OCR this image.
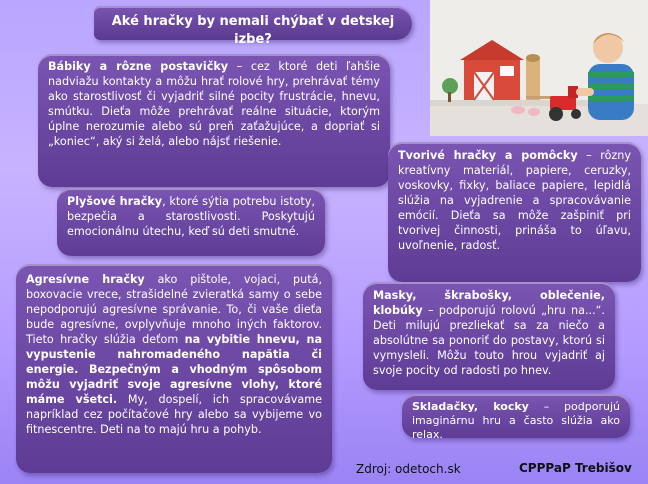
Aké hračky by nemali chýbať v detskej izbe?
Bábiky a rôzne postavičky – cez ktoré deti ľahšie nadviažu kontakty a môžu hrať rolové hry, prehrávať témy ako starostlivosť či vyjadriť silné pocity frustrácie, hnevu, smútku. Dieťa môže prehrávať reálne situácie, ktorým úplne nerozumie alebo sú preň zaťažujúce, a dopriať si „koniec“, aký si želá, alebo nájsť riešenie.
Plyšové hračky, ktoré sýtia potrebu istoty, bezpečia a starostlivosti. Poskytujú emocionálnu útechu, keď sú deti smutné.
Tvorivé hračky a pomôcky – rôzny kreatívny materiál, papiere, ceruzky, voskovky, fixky, baliace papiere, lepidlá slúžia na vyjadrenie a spracovávanie emócií. Dieťa sa môže zašpiniť pri tvorivej činnosti, prináša to úľavu, uvoľnenie, radosť.
Agresívne hračky ako pištole, vojaci, putá, boxovacie vrece, strašidelné zvieratká samy o sebe nepodporujú agresívne správanie. To, či vaše dieťa bude agresívne, ovplyvňuje mnoho iných faktorov. Tieto hračky slúžia deťom na vybitie hnevu, na vypustenie nahromadeného napätia či energie. Bezpečným a vhodným spôsobom môžu vyjadriť svoje agresívne vlohy, ktoré máme všetci. My, dospelí, ich spracovávame napríklad cez počítačové hry alebo sa vybijeme vo fitnescentre. Deti na to majú hru a pohyb.
Masky, škrabošky, oblečenie, klobúky – podporujú rolovú „hru na...“. Deti milujú prezliekať sa za niečo a absolútne sa ponoriť do postavy, ktorú si vymysleli. Môžu touto hrou vyjadriť aj svoje pocity od radosti po hnev.
Skladačky, kocky – podporujú imaginárnu hru a často slúžia ako relax.
Zdroj: odetoch.sk	CPPPaP Trebišov
